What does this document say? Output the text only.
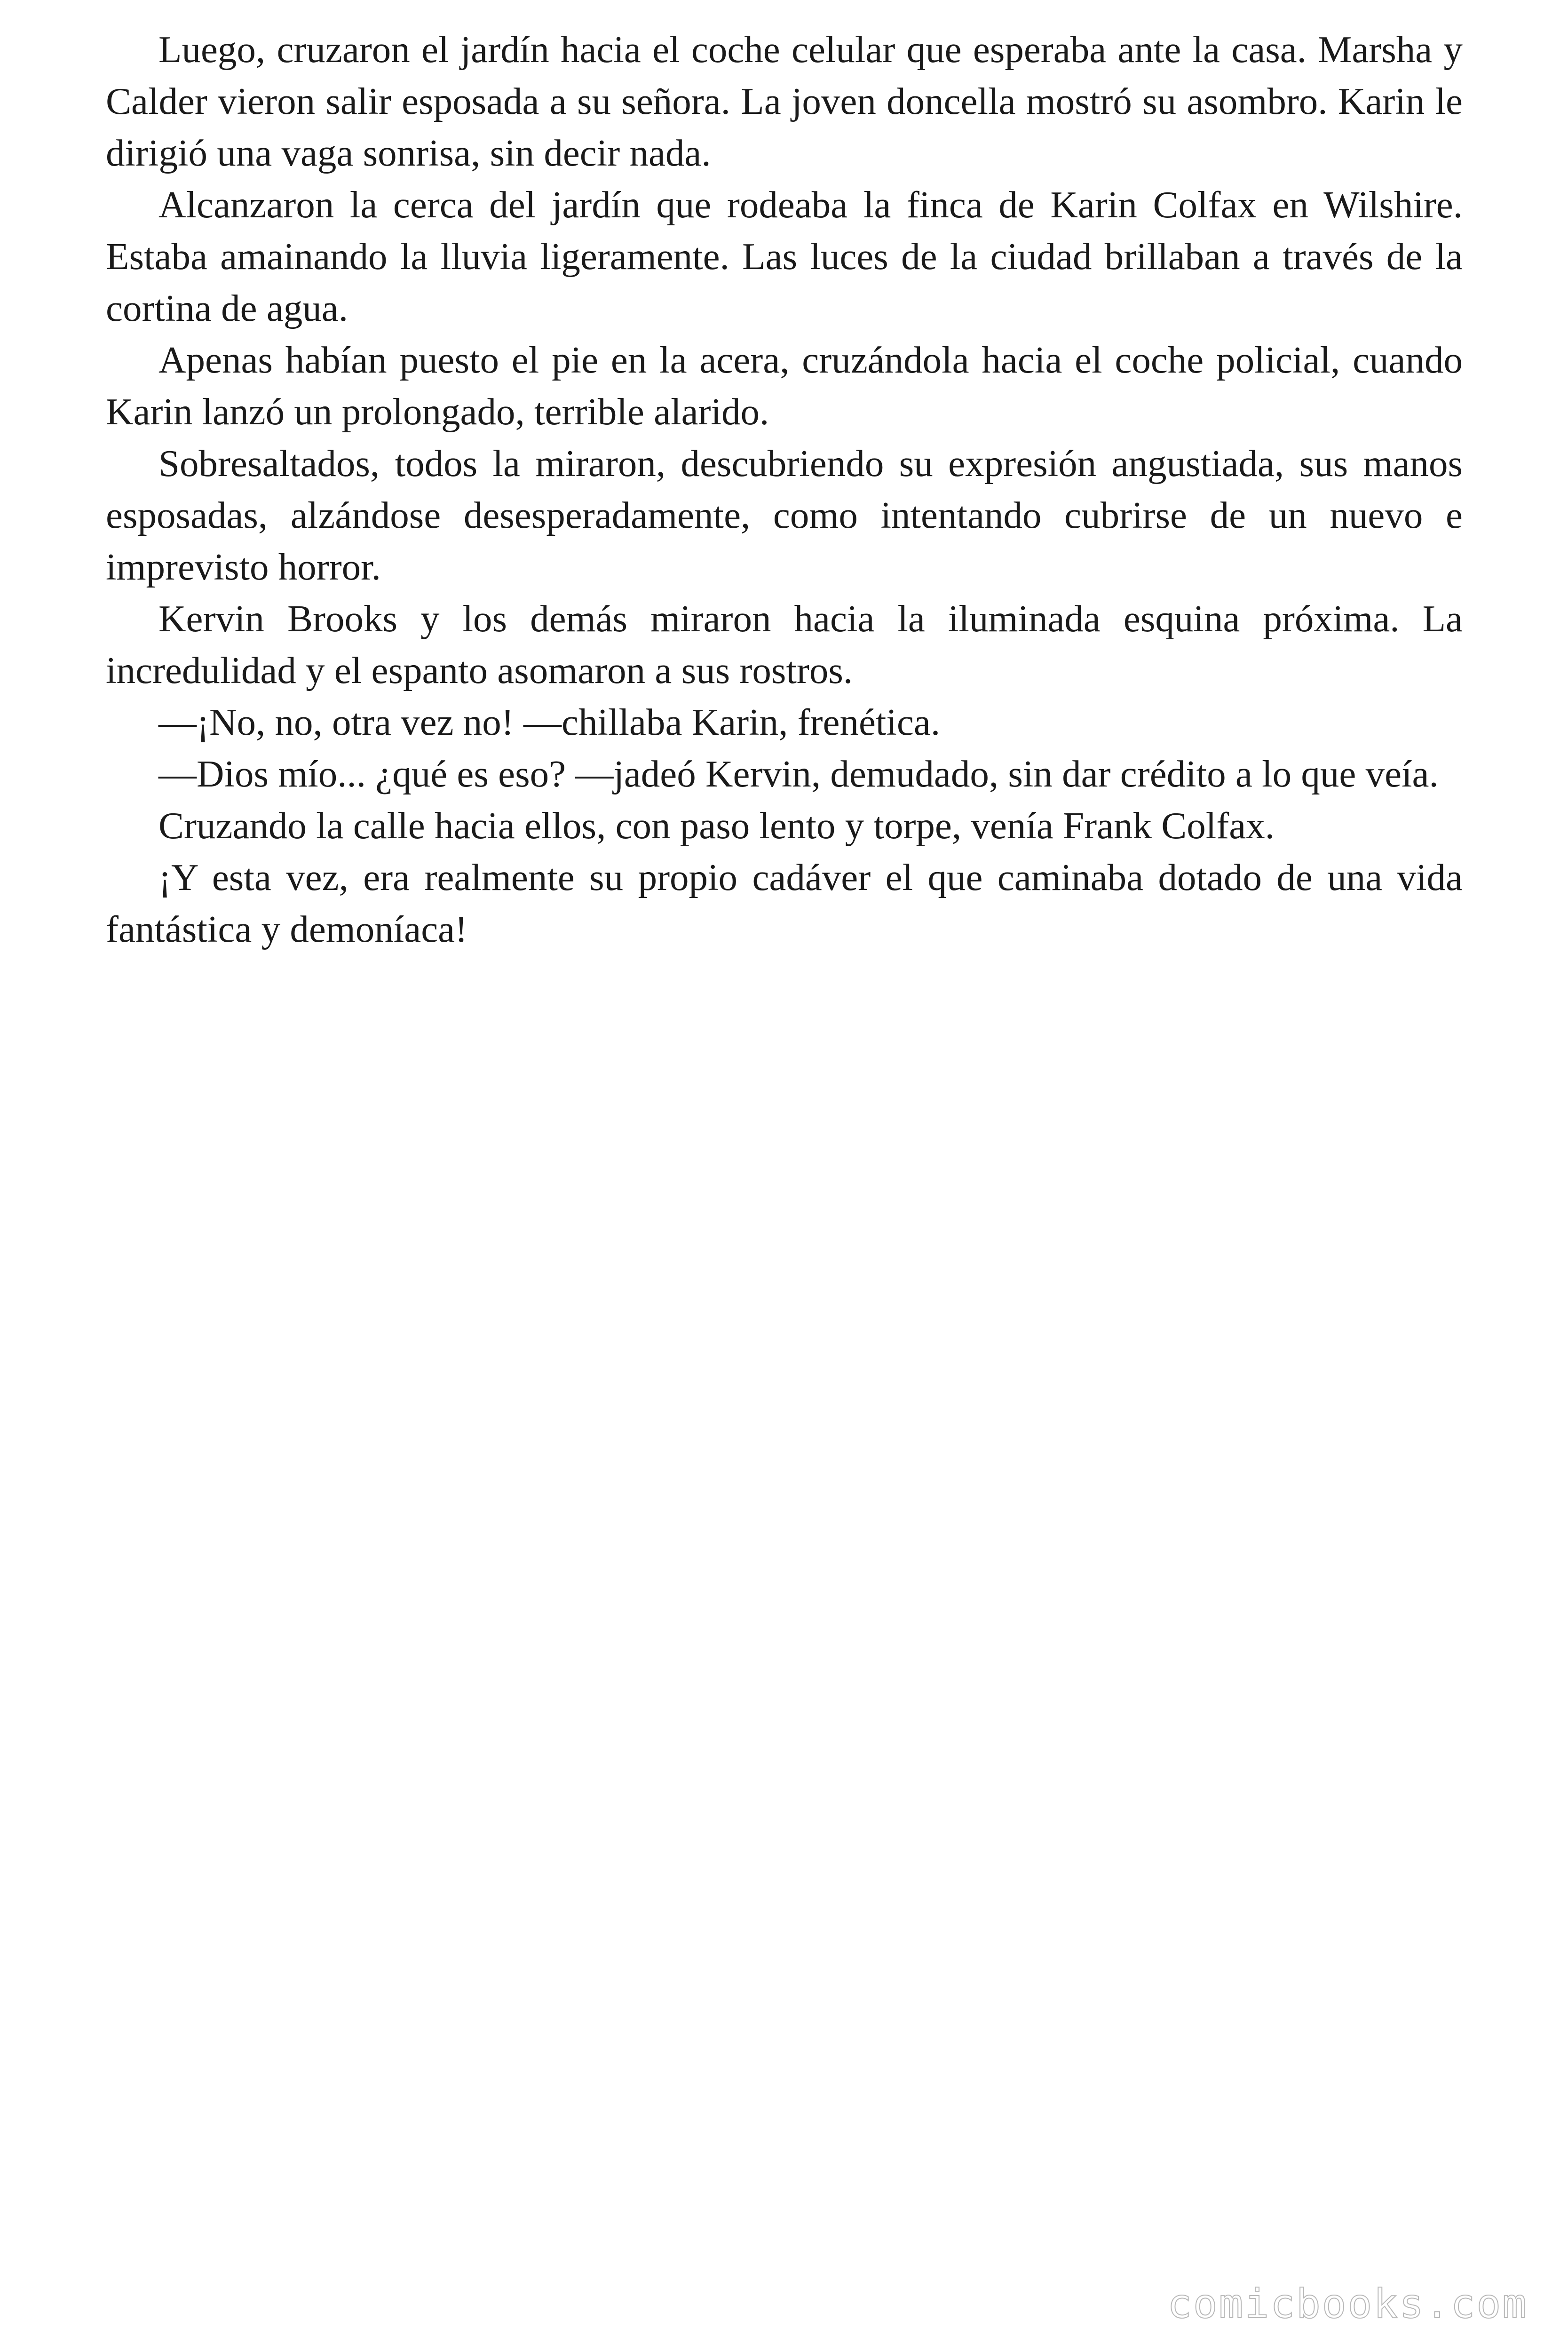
Luego, cruzaron el jardín hacia el coche celular que esperaba ante la casa. Marsha y Calder vieron salir esposada a su señora. La joven doncella mostró su asombro. Karin le dirigió una vaga sonrisa, sin decir nada.

Alcanzaron la cerca del jardín que rodeaba la finca de Karin Colfax en Wilshire. Estaba amainando la lluvia ligeramente. Las luces de la ciudad brillaban a través de la cortina de agua.

Apenas habían puesto el pie en la acera, cruzándola hacia el coche policial, cuando Karin lanzó un prolongado, terrible alarido.

Sobresaltados, todos la miraron, descubriendo su expresión angustiada, sus manos esposadas, alzándose desesperadamente, como intentando cubrirse de un nuevo e imprevisto horror.

Kervin Brooks y los demás miraron hacia la iluminada esquina próxima. La incredulidad y el espanto asomaron a sus rostros.

—¡No, no, otra vez no! —chillaba Karin, frenética.

—Dios mío... ¿qué es eso? —jadeó Kervin, demudado, sin dar crédito a lo que veía.

Cruzando la calle hacia ellos, con paso lento y torpe, venía Frank Colfax.

¡Y esta vez, era realmente su propio cadáver el que caminaba dotado de una vida fantástica y demoníaca!

comicbooks.com
